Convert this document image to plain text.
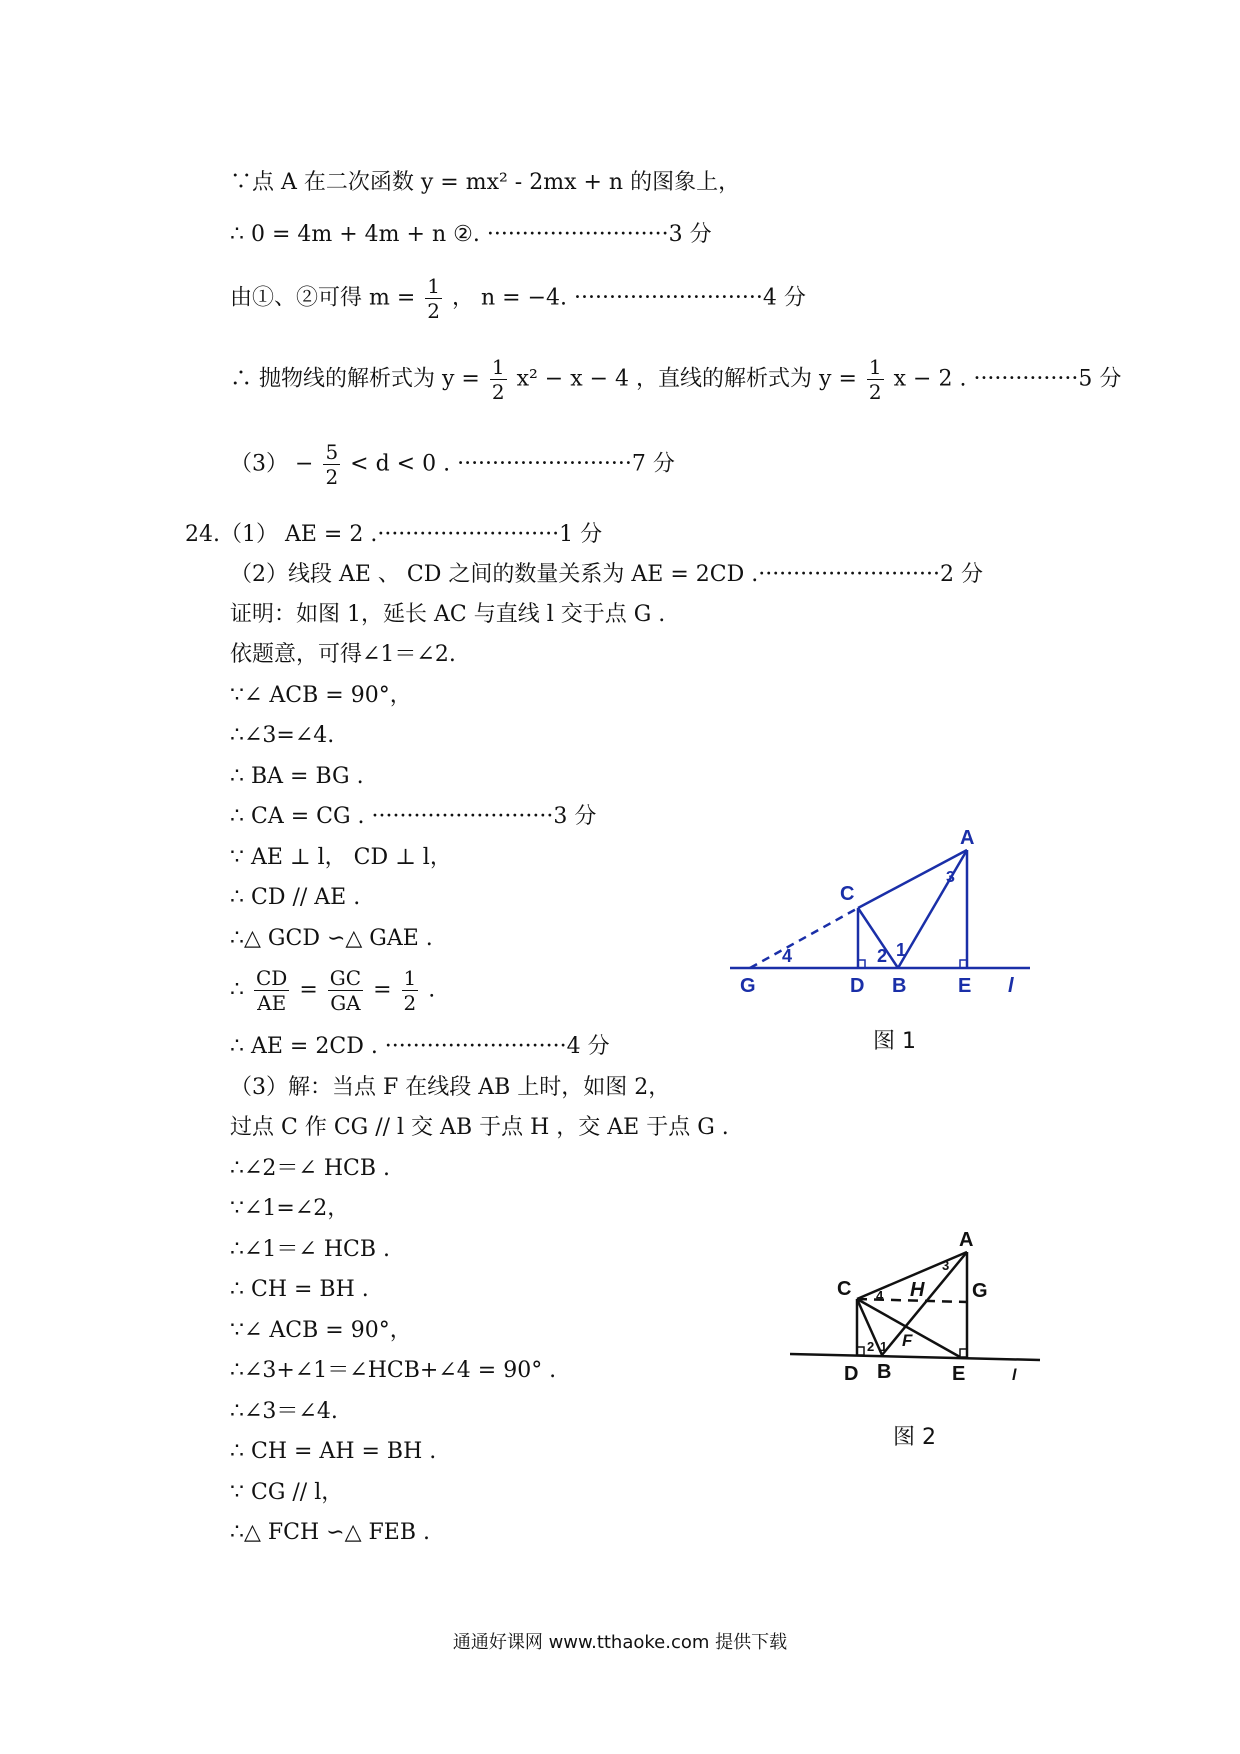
∵点 A 在二次函数 y = mx² - 2mx + n 的图象上，
∴ 0 = 4m + 4m + n ②. ··························3 分
由①、②可得 $m = \frac{1}{2}$ ， n = −4. ···························4 分
∴ 抛物线的解析式为 $y = \frac{1}{2} x^2 - x - 4$ ，直线的解析式为 $y = \frac{1}{2}$ x − 2 . ···············5 分
$(3) - \frac{5}{2} < d < 0$ . ·························7 分
24.（1） AE = 2 .··························1 分
（2）线段 AE 、 CD 之间的数量关系为 AE = 2CD .··························2 分
证明：如图 1，延长 AC 与直线 l 交于点 G .
依题意，可得∠1＝∠2.
∵∠ ACB = 90°，
∴∠3=∠4.
∴ BA = BG .
∴ CA = CG . ··························3 分
∵ AE ⊥ l， CD ⊥ l，
∴ CD // AE .
∴△ GCD ∽△ GAE .
∴ $\frac{CD}{AE} = \frac{GC}{GA} = \frac{1}{2}$ .
∴ AE = 2CD . ··························4 分
（3）解：当点 F 在线段 AB 上时，如图 2，
过点 C 作 CG // l 交 AB 于点 H ，交 AE 于点 G .
∴∠2＝∠ HCB .
∵∠1=∠2，
∴∠1＝∠ HCB .
∴ CH = BH .
∵∠ ACB = 90°，
∴∠3+∠1＝∠HCB+∠4 = 90° .
∴∠3＝∠4.
∴ CH = AH = BH .
∵ CG // l，
∴△ FCH ∽△ FEB .
A
C
G	D B	E l
1
2
3
4
图 1
A
C	H G
F
D B	E	l
1
2
3
4
图 2
通通好课网 www.tthaoke.com 提供下载
